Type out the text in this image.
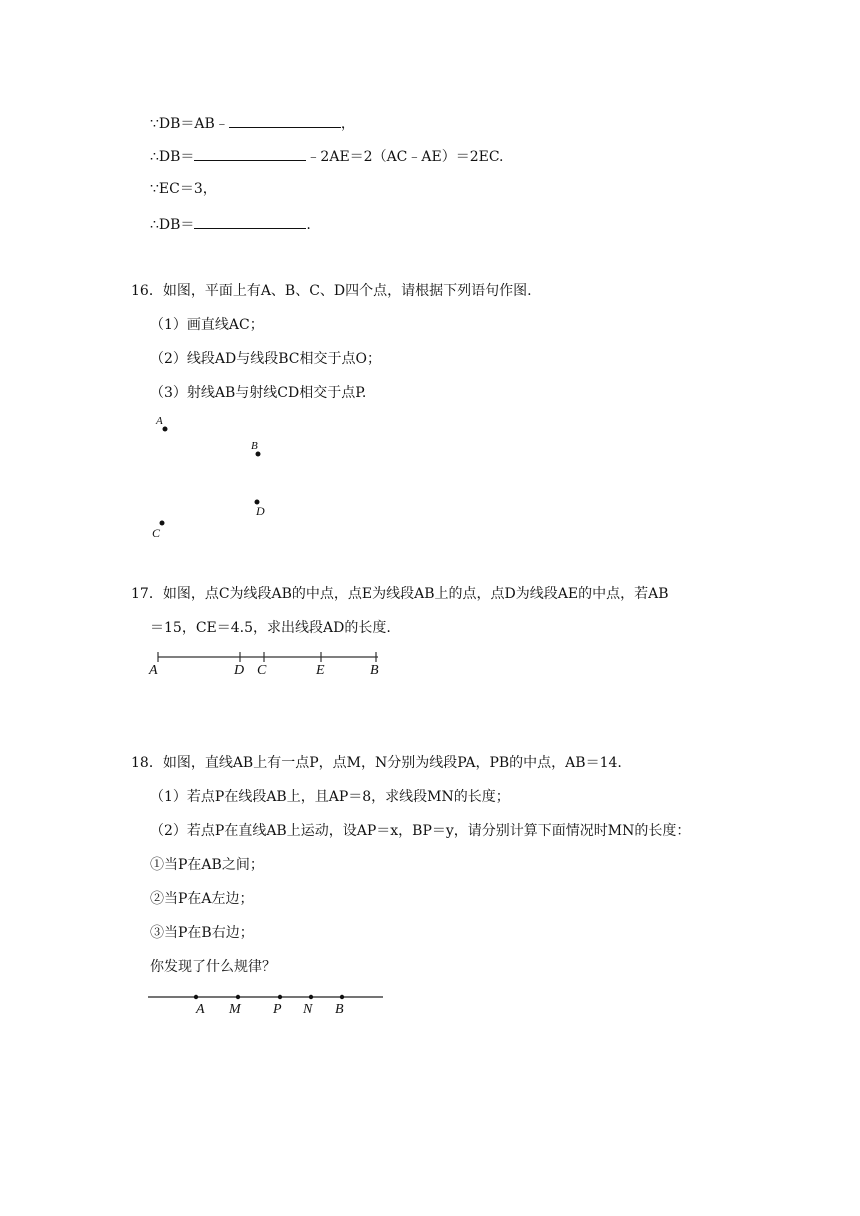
∵DB＝AB﹣	，
∴DB＝	﹣2AE＝2（AC﹣AE）＝2EC.
∵EC＝3，
∴DB＝	.
16．如图，平面上有A、B、C、D四个点，请根据下列语句作图.
（1）画直线AC；
（2）线段AD与线段BC相交于点O；
（3）射线AB与射线CD相交于点P.
A
B
C
D
17．如图，点C为线段AB的中点，点E为线段AB上的点，点D为线段AE的中点，若AB
＝15，CE＝4.5，求出线段AD的长度.
A	D C	E	B
18．如图，直线AB上有一点P，点M，N分别为线段PA，PB的中点，AB＝14.
（1）若点P在线段AB上，且AP＝8，求线段MN的长度；
（2）若点P在直线AB上运动，设AP＝x，BP＝y，请分别计算下面情况时MN的长度：
①当P在AB之间；
②当P在A左边；
③当P在B右边；
你发现了什么规律？
A M P N B
